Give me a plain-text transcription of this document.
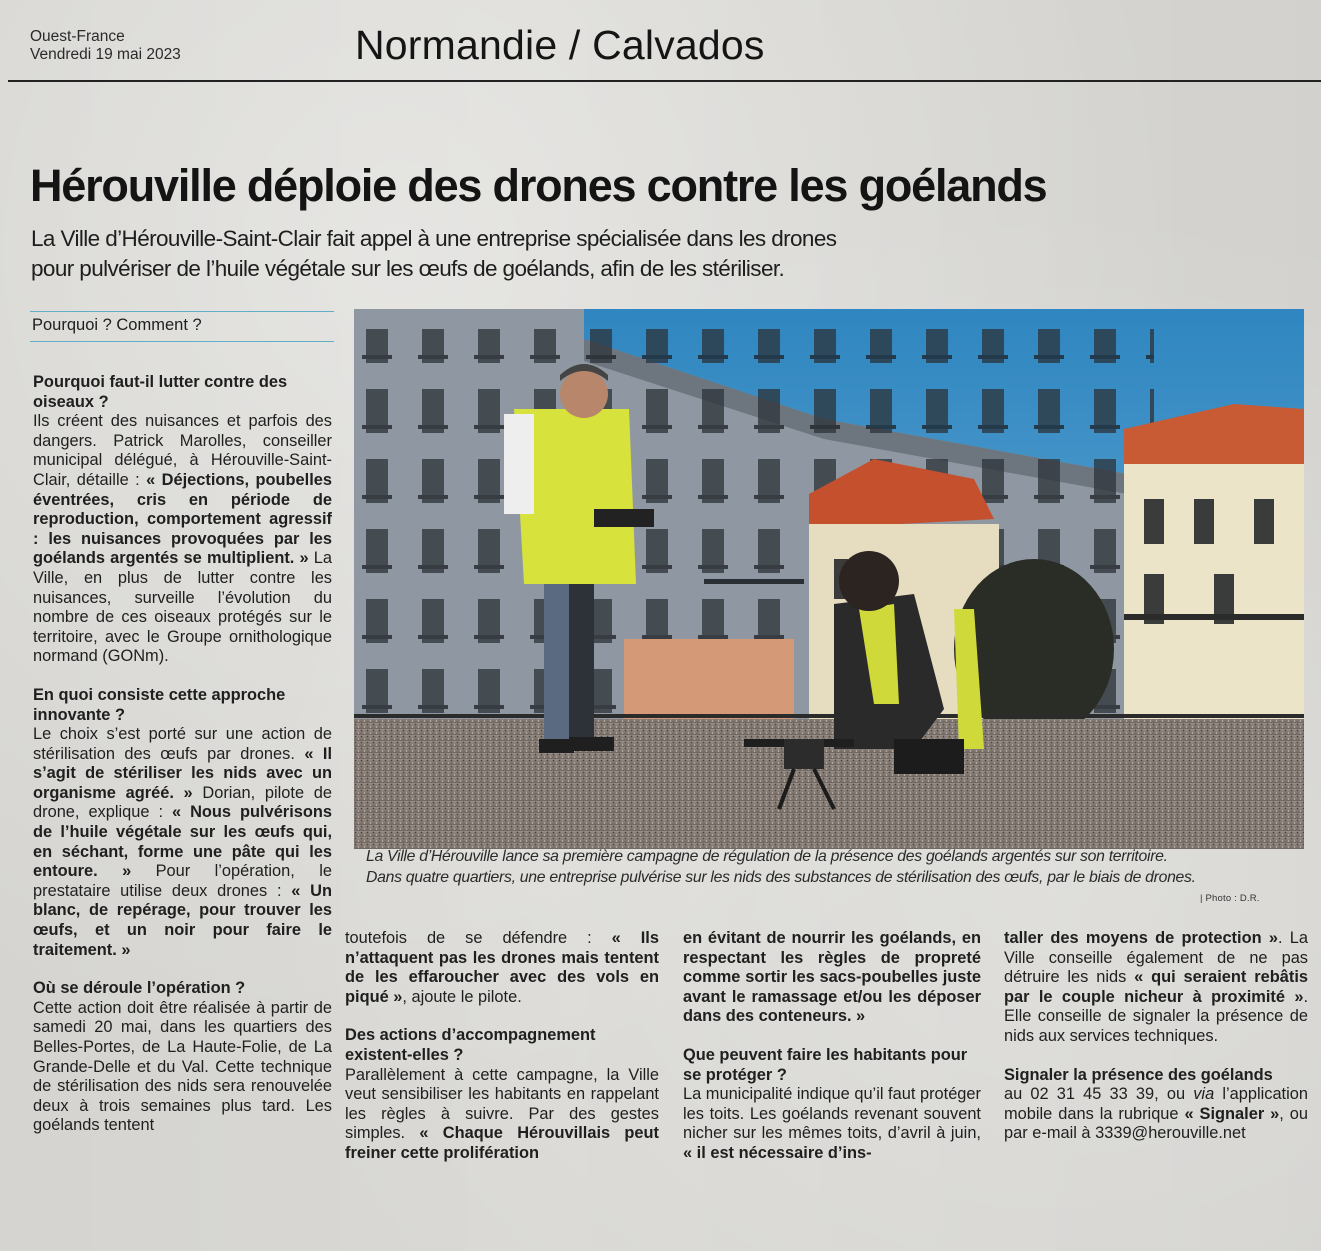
Ouest-France
Vendredi 19 mai 2023	Normandie / Calvados
Hérouville déploie des drones contre les goélands
La Ville d’Hérouville-Saint-Clair fait appel à une entreprise spécialisée dans les drones
pour pulvériser de l’huile végétale sur les œufs de goélands, afin de les stériliser.
Pourquoi ? Comment ?

Pourquoi faut-il lutter contre des oiseaux ?

Ils créent des nuisances et parfois des dangers. Patrick Marolles, conseiller municipal délégué, à Hérouville-Saint-Clair, détaille : « Déjections, poubelles éventrées, cris en période de reproduction, comportement agressif : les nuisances provoquées par les goélands argentés se multiplient. » La Ville, en plus de lutter contre les nuisances, surveille l’évolution du nombre de ces oiseaux protégés sur le territoire, avec le Groupe ornithologique normand (GONm).

En quoi consiste cette approche innovante ?

Le choix s’est porté sur une action de stérilisation des œufs par drones. « Il s’agit de stériliser les nids avec un organisme agréé. » Dorian, pilote de drone, explique : « Nous pulvérisons de l’huile végétale sur les œufs qui, en séchant, forme une pâte qui les entoure. » Pour l’opération, le prestataire utilise deux drones : « Un blanc, de repérage, pour trouver les œufs, et un noir pour faire le traitement. »

Où se déroule l’opération ?

Cette action doit être réalisée à partir de samedi 20 mai, dans les quartiers des Belles-Portes, de La Haute-Folie, de La Grande-Delle et du Val. Cette technique de stérilisation des nids sera renouvelée deux à trois semaines plus tard. Les goélands tentent

La Ville d’Hérouville lance sa première campagne de régulation de la présence des goélands argentés sur son territoire.
Dans quatre quartiers, une entreprise pulvérise sur les nids des substances de stérilisation des œufs, par le biais de drones.
| Photo : D.R.

toutefois de se défendre : « Ils n’attaquent pas les drones mais tentent de les effaroucher avec des vols en piqué », ajoute le pilote.

Des actions d’accompagnement existent-elles ?

Parallèlement à cette campagne, la Ville veut sensibiliser les habitants en rappelant les règles à suivre. Par des gestes simples. « Chaque Hérouvillais peut freiner cette prolifération

en évitant de nourrir les goélands, en respectant les règles de propreté comme sortir les sacs-poubelles juste avant le ramassage et/ou les déposer dans des conteneurs. »

Que peuvent faire les habitants pour se protéger ?

La municipalité indique qu’il faut protéger les toits. Les goélands revenant souvent nicher sur les mêmes toits, d’avril à juin, « il est nécessaire d’ins-

taller des moyens de protection ». La Ville conseille également de ne pas détruire les nids « qui seraient rebâtis par le couple nicheur à proximité ». Elle conseille de signaler la présence de nids aux services techniques.

Signaler la présence des goélands
au 02 31 45 33 39, ou via l’application mobile dans la rubrique « Signaler », ou par e-mail à 3339@herouville.net
